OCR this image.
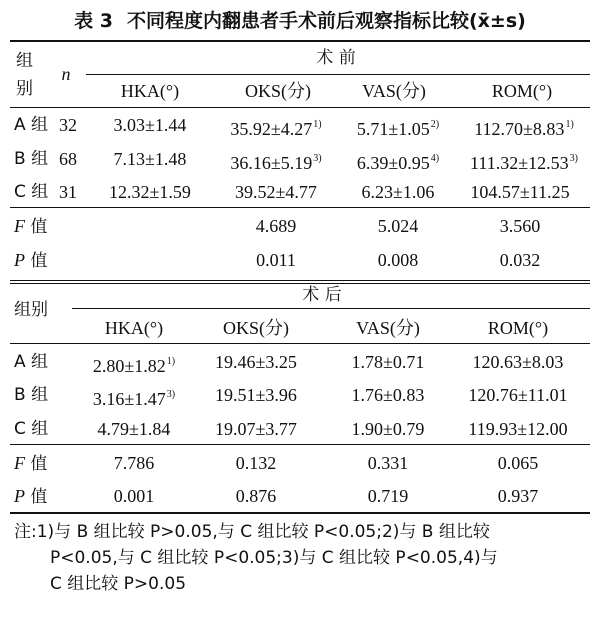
表 3 不同程度内翻患者手术前后观察指标比较(x̄±s)
组
别
n
术 前
HKA(°)	OKS(分)	VAS(分)	ROM(°)
A 组 32 3.03±1.44 $35.92\pm 4.27^{1)}$ $5.71\pm 1.05^{2)}$ $112.70\pm 8.83^{1)}$
B 组 68 7.13±1.48 $36.16\pm 5.19^{3)}$ $6.39\pm 0.95^{4)}$ $111.32\pm 12.53^{3)}$
C 组 31 12.32±1.59 39.52±4.77 6.23±1.06 104.57±11.25
F 值	4.689	5.024	3.560
P 值	0.011	0.008	0.032
组别
术 后
HKA(°)	OKS(分)	VAS(分)	ROM(°)
A 组 $2.80\pm 1.82^{1)}$ 19.46±3.25	1.78±0.71	120.63±8.03
B 组 $3.16\pm 1.47^{3)}$ 19.51±3.96	1.76±0.83 120.76±11.01
C 组	4.79±1.84 19.07±3.77	1.90±0.79 119.93±12.00
F 值	7.786	0.132	0.331	0.065
P 值	0.001	0.876	0.719	0.937
注:1)与 B 组比较 P>0.05,与 C 组比较 P<0.05;2)与 B 组比较
P<0.05,与 C 组比较 P<0.05;3)与 C 组比较 P<0.05,4)与
C 组比较 P>0.05
